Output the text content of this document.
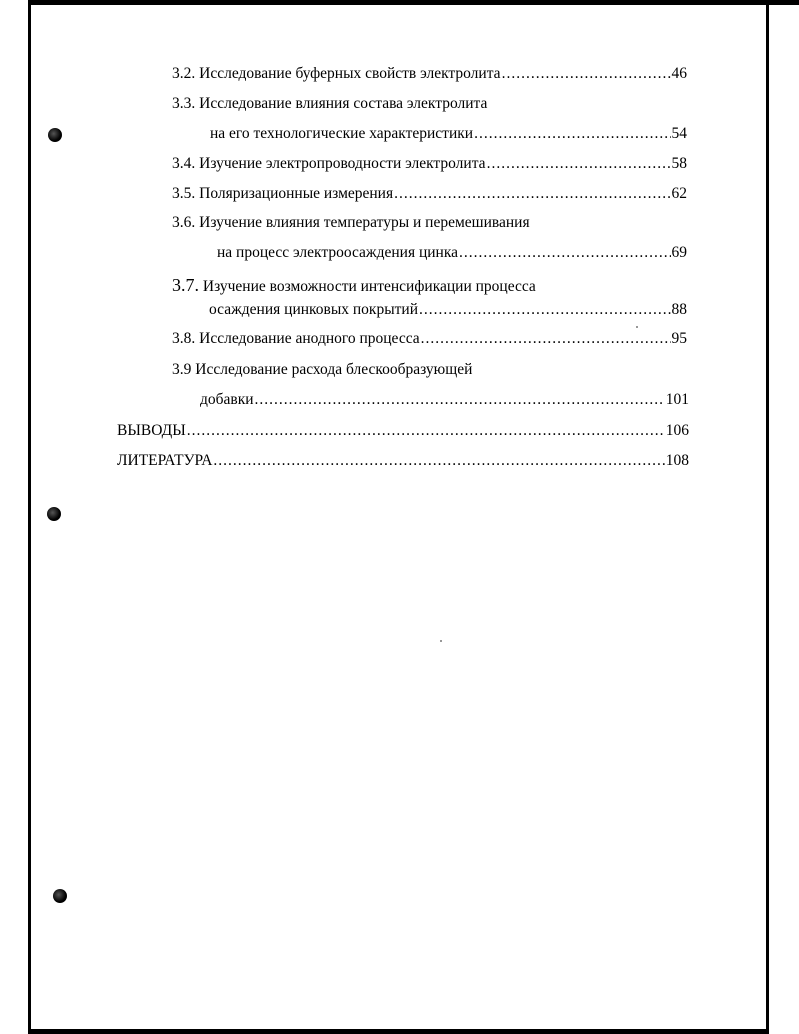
3.2. Исследование буферных свойств электролита .....	46
3.3. Исследование влияния состава электролита
на его технологические характеристики .....	54
3.4. Изучение электропроводности электролита .....	58
3.5. Поляризационные измерения .....	62
3.6. Изучение влияния температуры и перемешивания
на процесс электроосаждения цинка .....	69
3.7. Изучение возможности интенсификации процесса
осаждения цинковых покрытий .....	88
3.8. Исследование анодного процесса .....	95
3.9 Исследование расхода блескообразующей
добавки .....	101
ВЫВОДЫ .....	106
ЛИТЕРАТУРА .....	108
